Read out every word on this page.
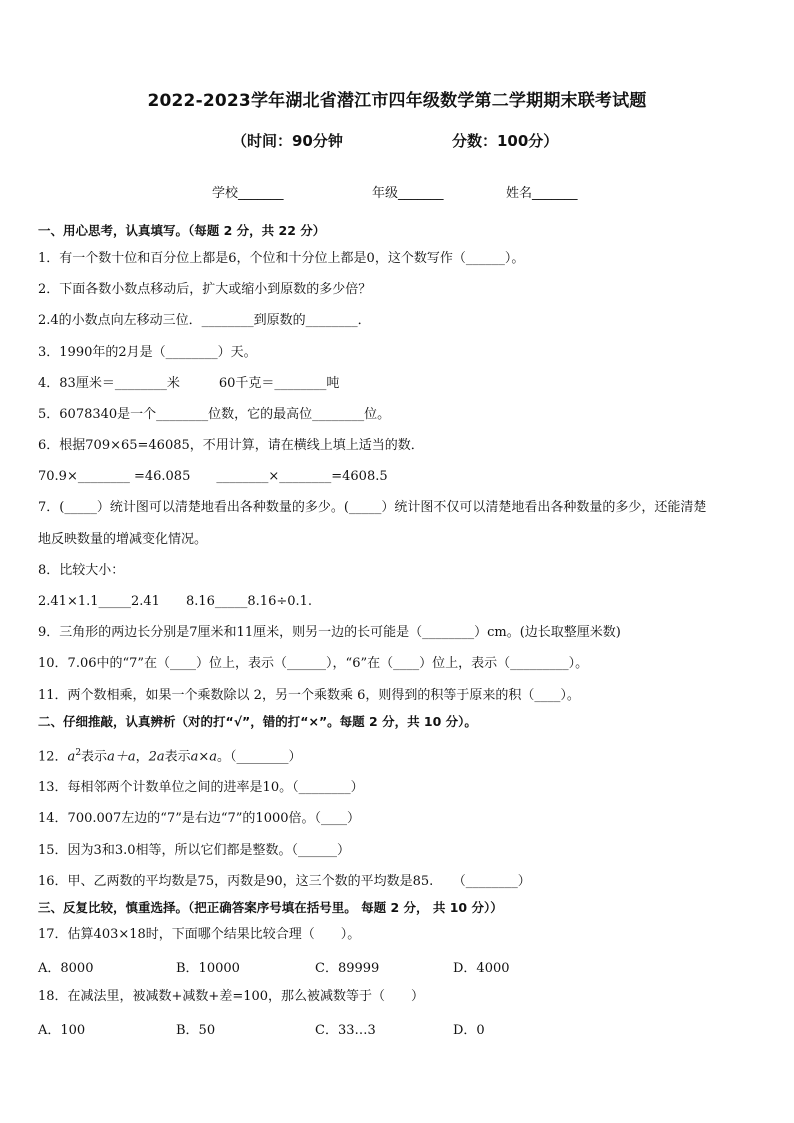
2022-2023学年湖北省潜江市四年级数学第二学期期末联考试题
（时间：90分钟	分数：100分）
学校_______	年级_______	姓名_______
一、用心思考，认真填写。（每题 2 分，共 22 分）
1．有一个数十位和百分位上都是6，个位和十分位上都是0，这个数写作（______）。
2．下面各数小数点移动后，扩大或缩小到原数的多少倍？
2.4的小数点向左移动三位．________到原数的________．
3．1990年的2月是（________）天。
4．83厘米＝________米　　　60千克＝________吨
5．6078340是一个________位数，它的最高位________位。
6．根据709×65=46085，不用计算，请在横线上填上适当的数．
70.9×________ =46.085　　________×________=4608.5
7．(_____）统计图可以清楚地看出各种数量的多少。(_____）统计图不仅可以清楚地看出各种数量的多少，还能清楚
地反映数量的增减变化情况。
8．比较大小：
2.41×1.1_____2.41　　8.16_____8.16÷0.1.
9．三角形的两边长分别是7厘米和11厘米，则另一边的长可能是（________）cm。(边长取整厘米数)
10．7.06中的“7”在（____）位上，表示（______），“6”在（____）位上，表示（_________）。
11．两个数相乘，如果一个乘数除以 2，另一个乘数乘 6，则得到的积等于原来的积（____）。
二、仔细推敲，认真辨析（对的打“√”，错的打“×”。每题 2 分，共 10 分）。
12．$a^2$表示a＋a，2a表示a×a。（________）
13．每相邻两个计数单位之间的进率是10。（________）
14．700.007左边的“7”是右边“7”的1000倍。（____）
15．因为3和3.0相等，所以它们都是整数。（______）
16．甲、乙两数的平均数是75，丙数是90，这三个数的平均数是85.　　（________）
三、反复比较，慎重选择。（把正确答案序号填在括号里。 每题 2 分， 共 10 分））
17．估算403×18时，下面哪个结果比较合理（　　）。
A．8000	B．10000	C．89999	D．4000
18．在减法里，被减数+减数+差=100，那么被减数等于（　　）
A．100	B．50	C．33…3	D．0
